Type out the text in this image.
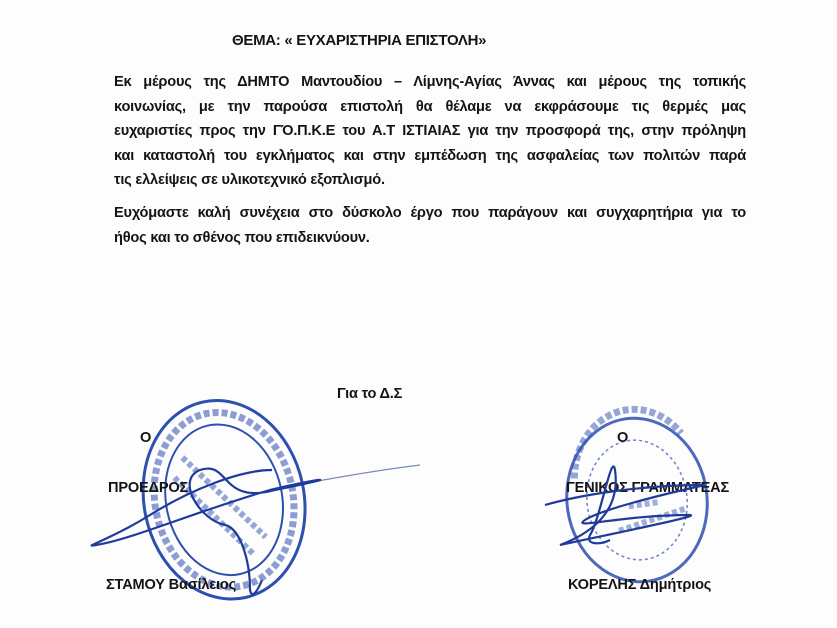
ΘΕΜΑ: « ΕΥΧΑΡΙΣΤΗΡΙΑ ΕΠΙΣΤΟΛΗ»
Εκ μέρους της ΔΗΜΤΟ Μαντουδίου – Λίμνης-Αγίας Άννας και μέρους της τοπικής
κοινωνίας, με την παρούσα επιστολή θα θέλαμε να εκφράσουμε τις θερμές μας
ευχαριστίες προς την ΓΌ.Π.Κ.Ε του Α.Τ ΙΣΤΙΑΙΑΣ για την προσφορά της, στην πρόληψη
και καταστολή του εγκλήματος και στην εμπέδωση της ασφαλείας των πολιτών παρά
τις ελλείψεις σε υλικοτεχνικό εξοπλισμό.
Ευχόμαστε καλή συνέχεια στο δύσκολο έργο που παράγουν και συγχαρητήρια για το
ήθος και το σθένος που επιδεικνύουν.
Για το Δ.Σ
Ο
ΠΡΟΕΔΡΟΣ
ΣΤΑΜΟΥ Βασίλειος
Ο
ΓΕΝΙΚΟΣ ΓΡΑΜΜΑΤΕΑΣ
ΚΟΡΕΛΗΣ Δημήτριος
